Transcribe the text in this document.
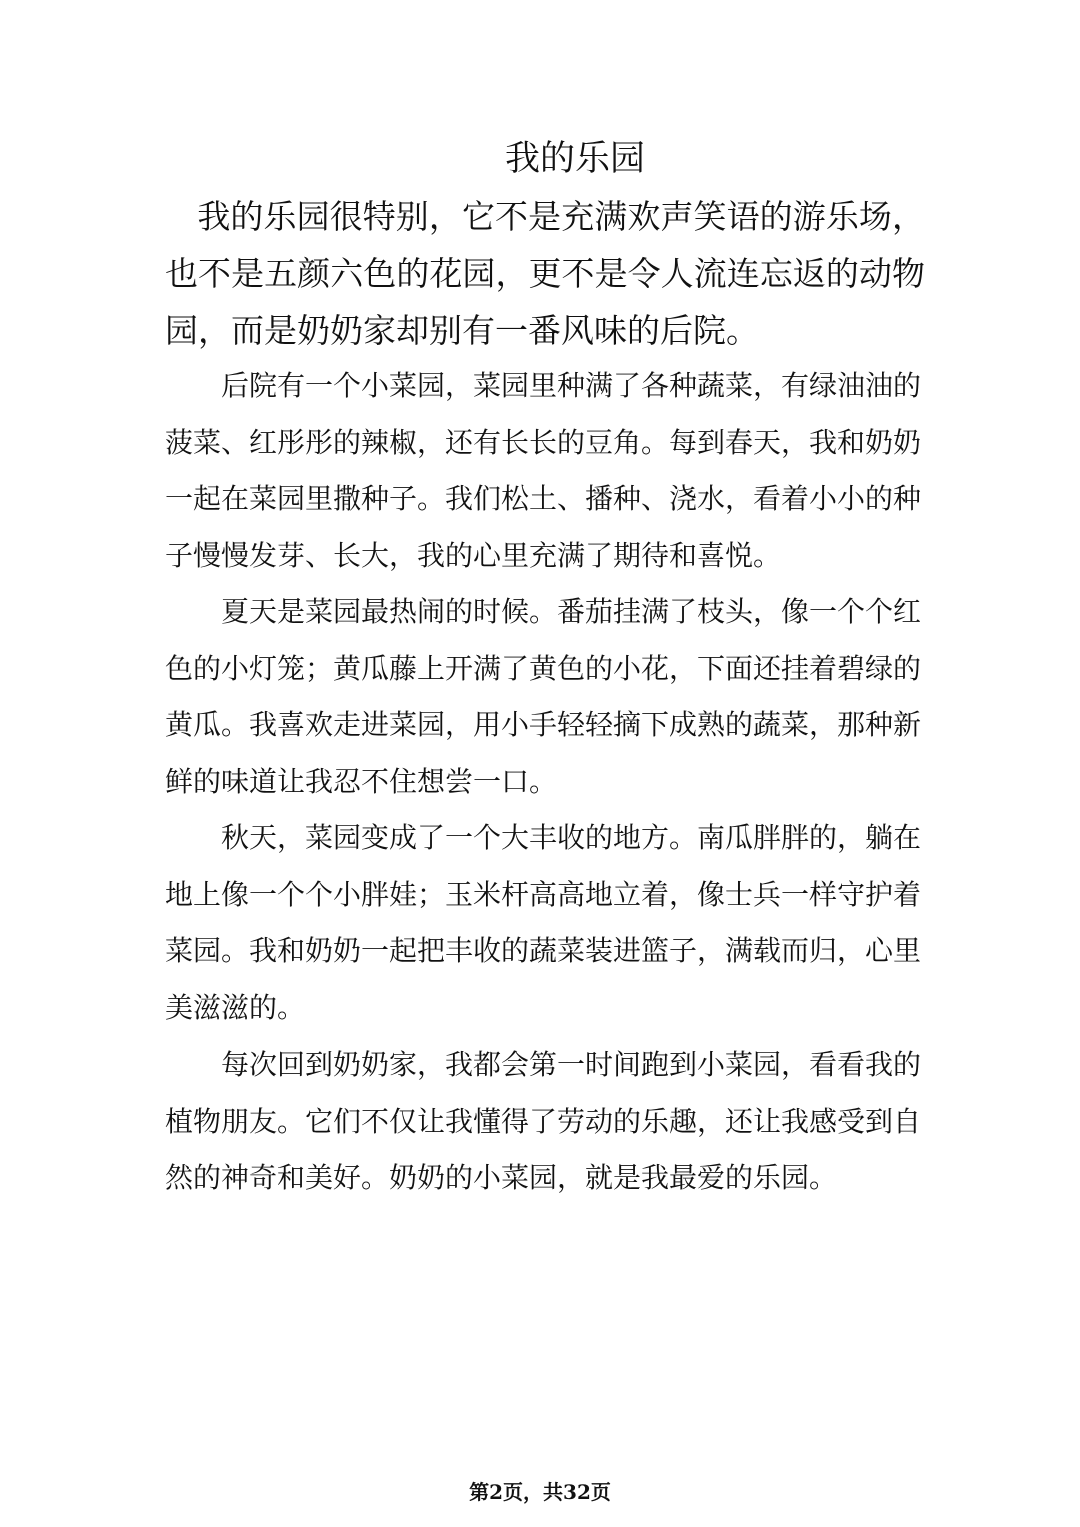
我的乐园

我的乐园很特别，它不是充满欢声笑语的游乐场，也不是五颜六色的花园，更不是令人流连忘返的动物园，而是奶奶家却别有一番风味的后院。

后院有一个小菜园，菜园里种满了各种蔬菜，有绿油油的菠菜、红彤彤的辣椒，还有长长的豆角。每到春天，我和奶奶一起在菜园里撒种子。我们松土、播种、浇水，看着小小的种子慢慢发芽、长大，我的心里充满了期待和喜悦。

夏天是菜园最热闹的时候。番茄挂满了枝头，像一个个红色的小灯笼；黄瓜藤上开满了黄色的小花，下面还挂着碧绿的黄瓜。我喜欢走进菜园，用小手轻轻摘下成熟的蔬菜，那种新鲜的味道让我忍不住想尝一口。

秋天，菜园变成了一个大丰收的地方。南瓜胖胖的，躺在地上像一个个小胖娃；玉米杆高高地立着，像士兵一样守护着菜园。我和奶奶一起把丰收的蔬菜装进篮子，满载而归，心里美滋滋的。

每次回到奶奶家，我都会第一时间跑到小菜园，看看我的植物朋友。它们不仅让我懂得了劳动的乐趣，还让我感受到自然的神奇和美好。奶奶的小菜园，就是我最爱的乐园。

第2页，共32页
